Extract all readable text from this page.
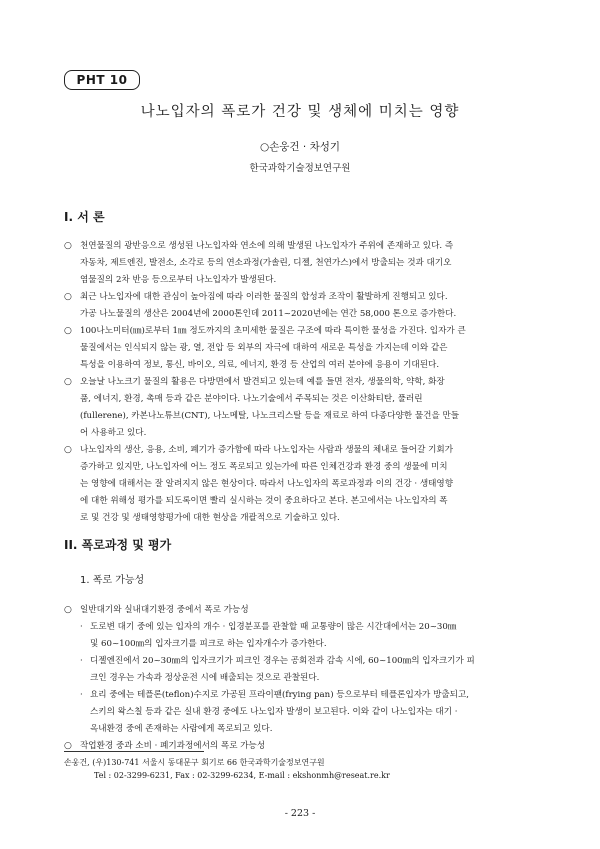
PHT 10
나노입자의 폭로가 건강 및 생체에 미치는 영향
○손웅건 · 차성기
한국과학기술정보연구원
I. 서 론
○ 천연물질의 광반응으로 생성된 나노입자와 연소에 의해 발생된 나노입자가 주위에 존재하고 있다. 즉
자동차, 제트엔진, 발전소, 소각로 등의 연소과정(가솔린, 디젤, 천연가스)에서 방출되는 것과 대기오
염물질의 2차 반응 등으로부터 나노입자가 발생된다.
○ 최근 나노입자에 대한 관심이 높아짐에 따라 이러한 물질의 합성과 조작이 활발하게 진행되고 있다.
가공 나노물질의 생산은 2004년에 2000톤인데 2011~2020년에는 연간 58,000 톤으로 증가한다.
○ 100나노미터(㎚)로부터 1㎚ 정도까지의 초미세한 물질은 구조에 따라 특이한 물성을 가진다. 입자가 큰
물질에서는 인식되지 않는 광, 열, 전압 등 외부의 자극에 대하여 새로운 특성을 가지는데 이와 같은
특성을 이용하여 정보, 통신, 바이오, 의료, 에너지, 환경 등 산업의 여러 분야에 응용이 기대된다.
○ 오늘날 나노크기 물질의 활용은 다방면에서 발견되고 있는데 예를 들면 전자, 생물의학, 약학, 화장
품, 에너지, 환경, 촉매 등과 같은 분야이다. 나노기술에서 주목되는 것은 이산화티탄, 풀러린
(fullerene), 카본나노튜브(CNT), 나노메탈, 나노크리스탈 등을 재료로 하여 다종다양한 물건을 만들
어 사용하고 있다.
○ 나노입자의 생산, 응용, 소비, 폐기가 증가함에 따라 나노입자는 사람과 생물의 체내로 들어갈 기회가
증가하고 있지만, 나노입자에 어느 정도 폭로되고 있는가에 따른 인체건강과 환경 중의 생물에 미치
는 영향에 대해서는 잘 알려지지 않은 현상이다. 따라서 나노입자의 폭로과정과 이의 건강 · 생태영향
에 대한 위해성 평가를 되도록이면 빨리 실시하는 것이 중요하다고 본다. 본고에서는 나노입자의 폭
로 및 건강 및 생태영향평가에 대한 현상을 개괄적으로 기술하고 있다.
II. 폭로과정 및 평가
1. 폭로 가능성
○ 일반대기와 실내대기환경 중에서 폭로 가능성
· 도로변 대기 중에 있는 입자의 개수 · 입경분포를 관찰할 때 교통량이 많은 시간대에서는 20~30㎚
및 60~100㎚의 입자크기를 피크로 하는 입자개수가 증가한다.
· 디젤엔진에서 20~30㎚의 입자크기가 피크인 경우는 공회전과 감속 시에, 60~100㎚의 입자크기가 피
크인 경우는 가속과 정상운전 시에 배출되는 것으로 관찰된다.
· 요리 중에는 테플론(teflon)수지로 가공된 프라이팬(frying pan) 등으로부터 테플론입자가 방출되고,
스키의 왁스칠 등과 같은 실내 환경 중에도 나노입자 발생이 보고된다. 이와 같이 나노입자는 대기 ·
옥내환경 중에 존재하는 사람에게 폭로되고 있다.
○ 작업환경 중과 소비 · 폐기과정에서의 폭로 가능성
손웅건, (우)130-741 서울시 동대문구 회기로 66 한국과학기술정보연구원
Tel : 02-3299-6231, Fax : 02-3299-6234, E-mail : ekshonmh@reseat.re.kr
- 223 -
